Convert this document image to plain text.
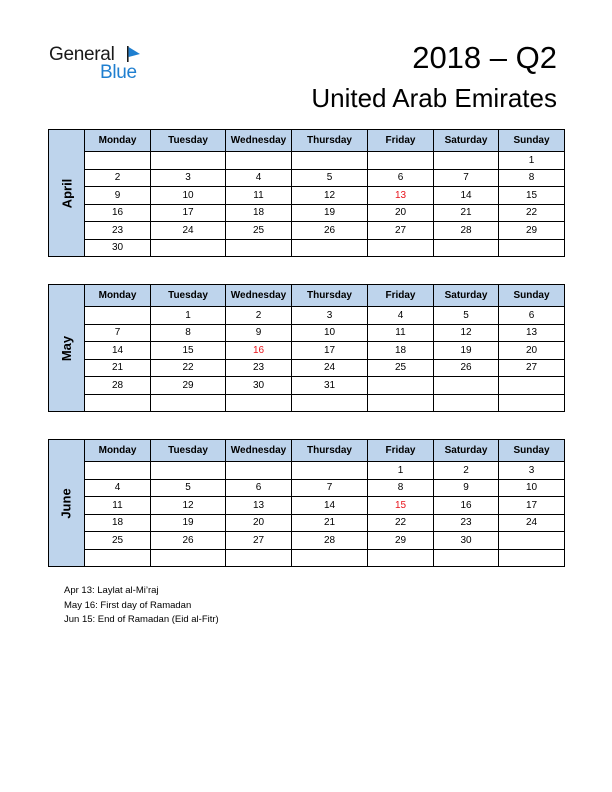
General
Blue	2018 – Q2
United Arab Emirates
April	Monday	Tuesday	Wednesday	Thursday	Friday	Saturday	Sunday
							1
	2	3	4	5	6	7	8
	9	10	11	12	13	14	15
	16	17	18	19	20	21	22
	23	24	25	26	27	28	29
	30						
May	Monday	Tuesday	Wednesday	Thursday	Friday	Saturday	Sunday
		1	2	3	4	5	6
	7	8	9	10	11	12	13
	14	15	16	17	18	19	20
	21	22	23	24	25	26	27
	28	29	30	31			

June	Monday	Tuesday	Wednesday	Thursday	Friday	Saturday	Sunday
					1	2	3
	4	5	6	7	8	9	10
	11	12	13	14	15	16	17
	18	19	20	21	22	23	24
	25	26	27	28	29	30	

Apr 13: Laylat al-Mi’raj
May 16: First day of Ramadan
Jun 15: End of Ramadan (Eid al-Fitr)
